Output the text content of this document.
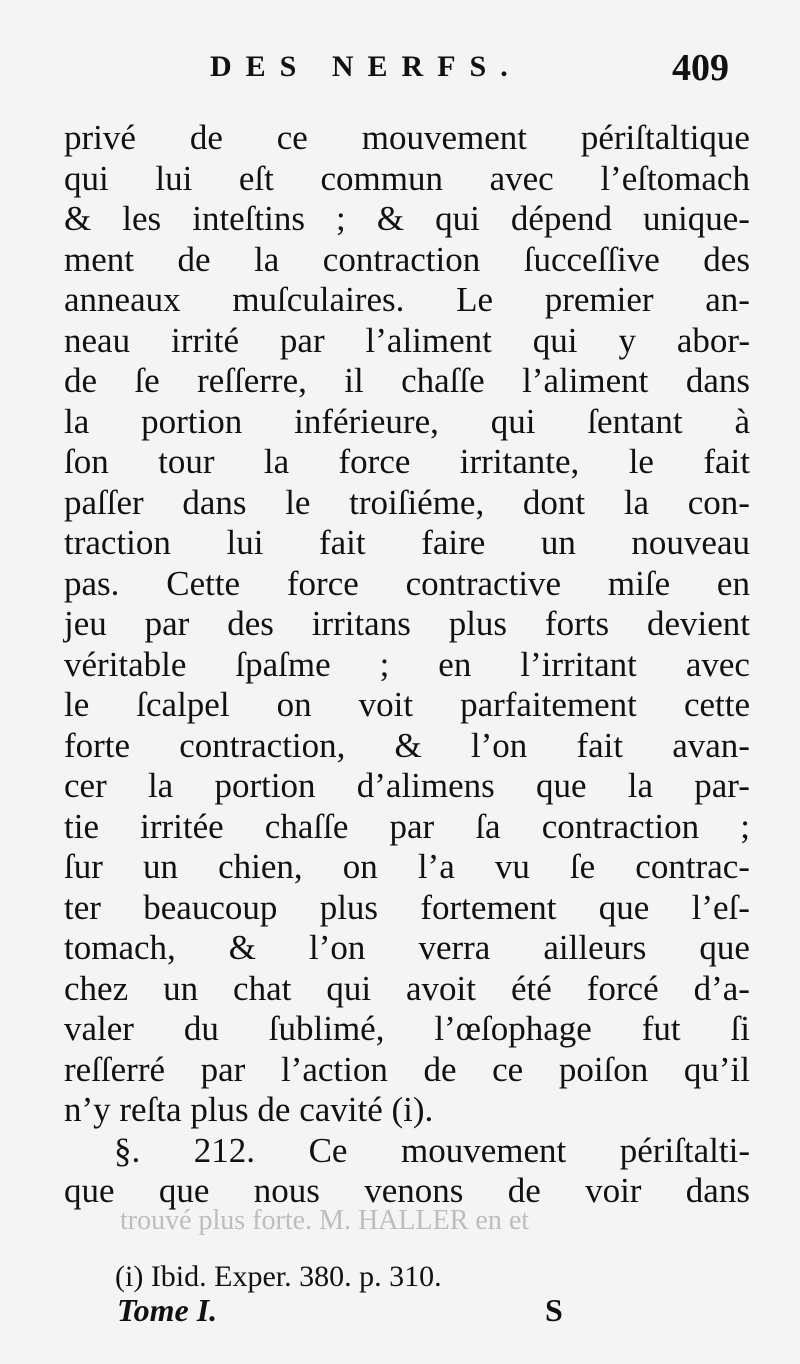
DES NERFS.	409
privé de ce mouvement périſtaltique
qui lui eſt commun avec l’eſtomach
& les inteſtins ; & qui dépend unique-
ment de la contraction ſucceſſive des
anneaux muſculaires. Le premier an-
neau irrité par l’aliment qui y abor-
de ſe reſſerre, il chaſſe l’aliment dans
la portion inférieure, qui ſentant à
ſon tour la force irritante, le fait
paſſer dans le troiſiéme, dont la con-
traction lui fait faire un nouveau
pas. Cette force contractive miſe en
jeu par des irritans plus forts devient
véritable ſpaſme ; en l’irritant avec
le ſcalpel on voit parfaitement cette
forte contraction, & l’on fait avan-
cer la portion d’alimens que la par-
tie irritée chaſſe par ſa contraction ;
ſur un chien, on l’a vu ſe contrac-
ter beaucoup plus fortement que l’eſ-
tomach, & l’on verra ailleurs que
chez un chat qui avoit été forcé d’a-
valer du ſublimé, l’œſophage fut ſi
reſſerré par l’action de ce poiſon qu’il
n’y reſta plus de cavité (i).
§. 212. Ce mouvement périſtalti-
que que nous venons de voir dans
trouvé plus forte. M. HALLER en et
(i) Ibid. Exper. 380. p. 310.
Tome I.	S
